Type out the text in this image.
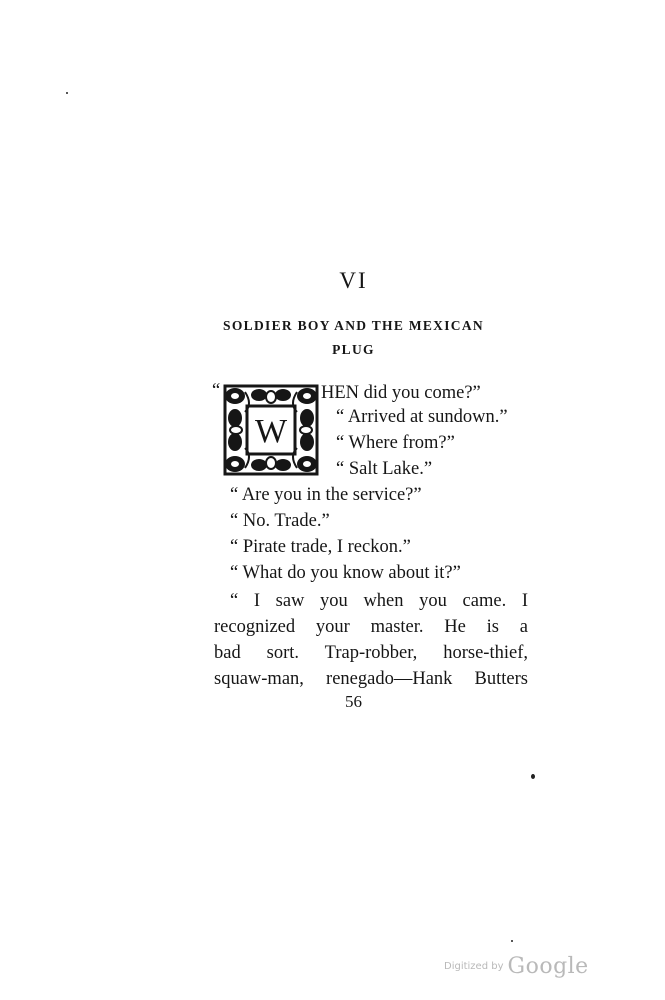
VI
SOLDIER BOY AND THE MEXICAN
PLUG
“
W
HEN did you come?”
“ Arrived at sundown.”
“ Where from?”
“ Salt Lake.”
“ Are you in the service?”
“ No. Trade.”
“ Pirate trade, I reckon.”
“ What do you know about it?”
“ I saw you when you came. I
recognized your master. He is a
bad sort. Trap-robber, horse-thief,
squaw-man, renegado—Hank Butters
56
Digitized by Google
